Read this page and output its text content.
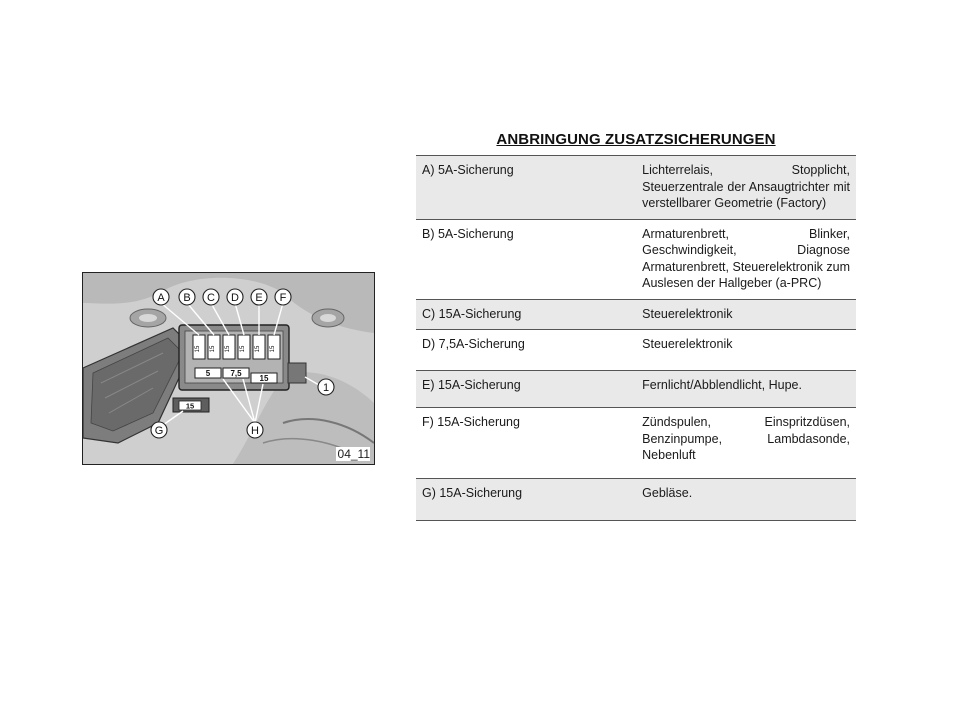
15 15 15 15 15 15
5	7,5
15
15
A B C D E F
G	H
1
04_11
ANBRINGUNG ZUSATZSICHERUNGEN
A) 5A-Sicherung	Lichterrelais, Stopplicht, Steuerzentrale der Ansaugtrichter mit verstellbarer Geometrie (Factory)
B) 5A-Sicherung	Armaturenbrett, Blinker, Geschwindigkeit, Diagnose Armaturenbrett, Steuerelektronik zum Auslesen der Hallgeber (a-PRC)
C) 15A-Sicherung	Steuerelektronik
D) 7,5A-Sicherung	Steuerelektronik
E) 15A-Sicherung	Fernlicht/Abblendlicht, Hupe.
F) 15A-Sicherung	Zündspulen, Einspritzdüsen, Benzinpumpe, Lambdasonde, Nebenluft
G) 15A-Sicherung	Gebläse.
